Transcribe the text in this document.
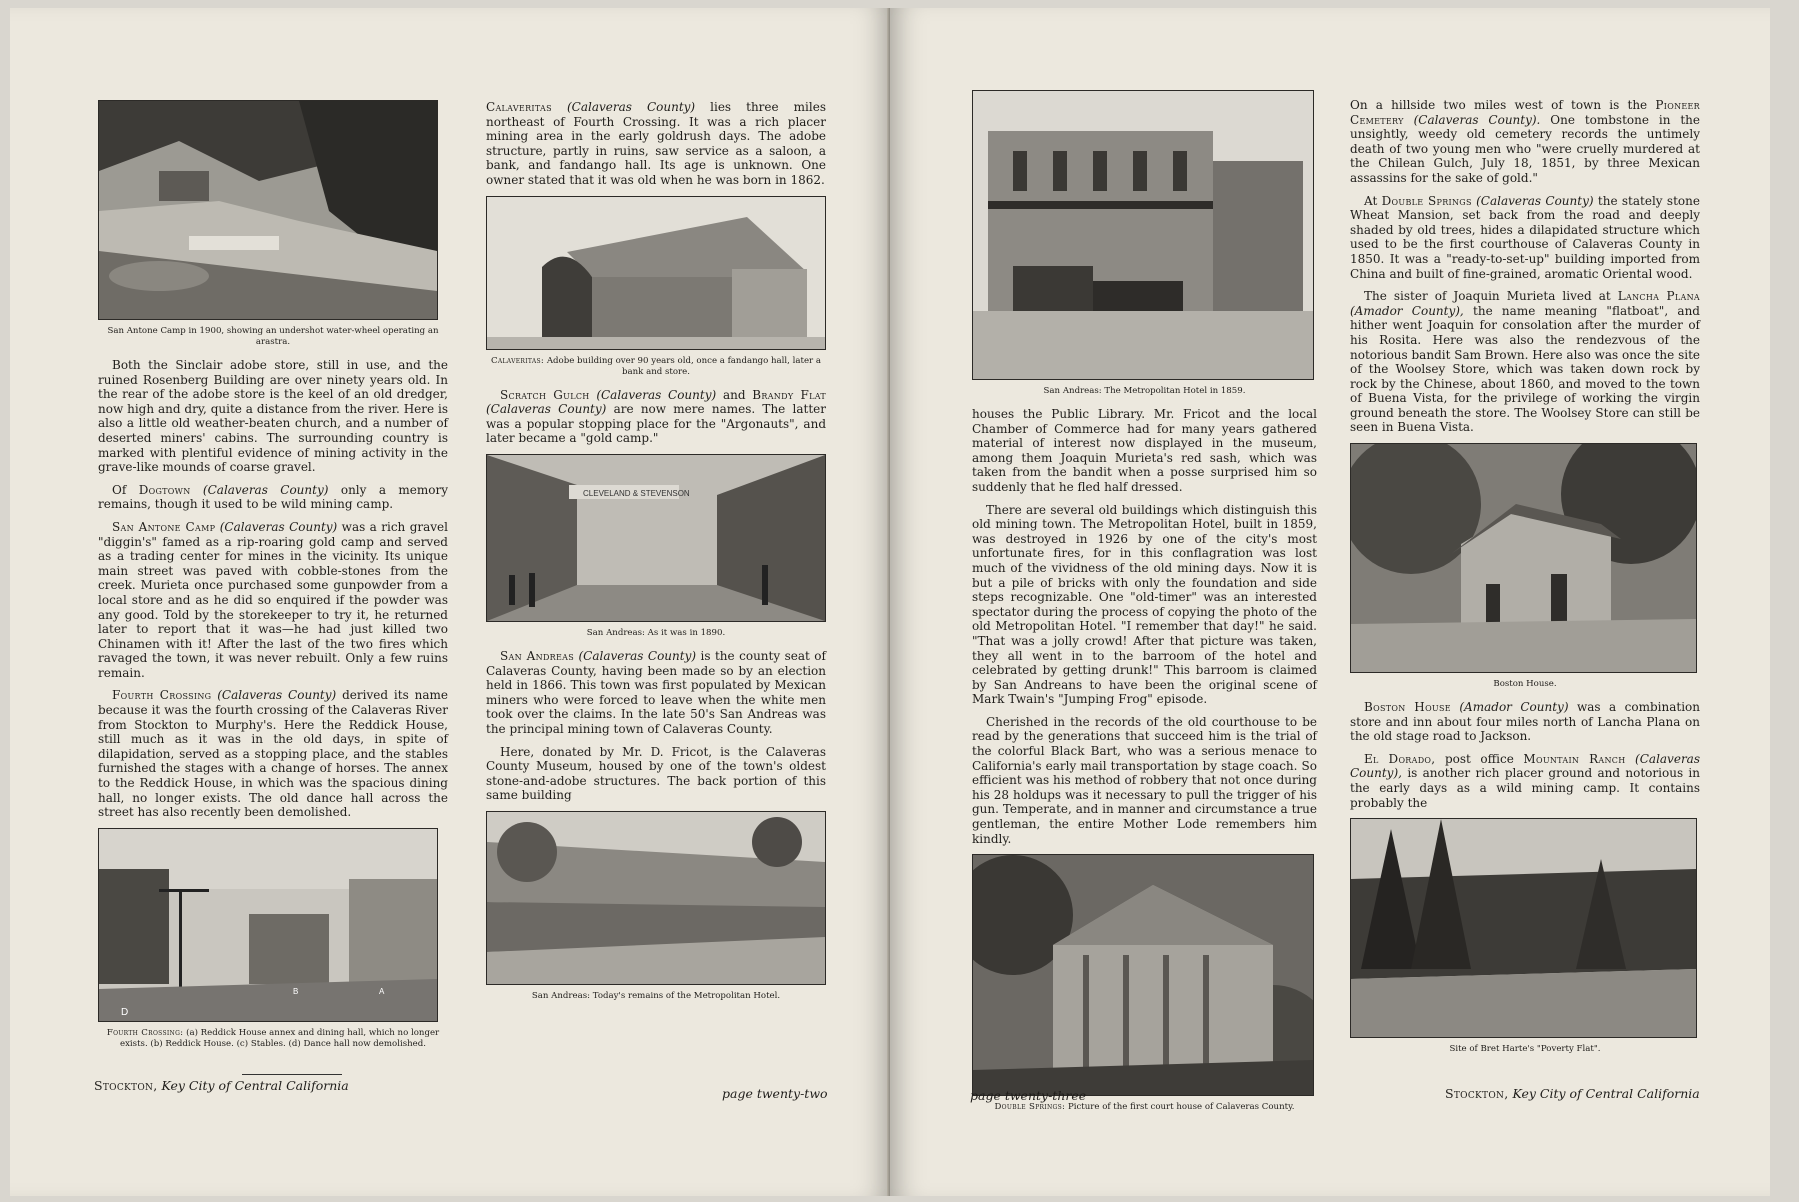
San Antone Camp in 1900, showing an undershot water-wheel operating an arastra.

Both the Sinclair adobe store, still in use, and the ruined Rosenberg Building are over ninety years old. In the rear of the adobe store is the keel of an old dredger, now high and dry, quite a distance from the river. Here is also a little old weather-beaten church, and a number of deserted miners' cabins. The surrounding country is marked with plentiful evidence of mining activity in the grave-like mounds of coarse gravel.

Of Dogtown (Calaveras County) only a memory remains, though it used to be wild mining camp.

San Antone Camp (Calaveras County) was a rich gravel "diggin's" famed as a rip-roaring gold camp and served as a trading center for mines in the vicinity. Its unique main street was paved with cobble-stones from the creek. Murieta once purchased some gunpowder from a local store and as he did so enquired if the powder was any good. Told by the storekeeper to try it, he returned later to report that it was—he had just killed two Chinamen with it! After the last of the two fires which ravaged the town, it was never rebuilt. Only a few ruins remain.

Fourth Crossing (Calaveras County) derived its name because it was the fourth crossing of the Calaveras River from Stockton to Murphy's. Here the Reddick House, still much as it was in the old days, in spite of dilapidation, served as a stopping place, and the stables furnished the stages with a change of horses. The annex to the Reddick House, in which was the spacious dining hall, no longer exists. The old dance hall across the street has also recently been demolished.

D
B	A
Fourth Crossing: (a) Reddick House annex and dining hall, which no longer exists. (b) Reddick House. (c) Stables. (d) Dance hall now demolished.

Calaveritas (Calaveras County) lies three miles northeast of Fourth Crossing. It was a rich placer mining area in the early goldrush days. The adobe structure, partly in ruins, saw service as a saloon, a bank, and fandango hall. Its age is unknown. One owner stated that it was old when he was born in 1862.

Calaveritas: Adobe building over 90 years old, once a fandango hall, later a bank and store.

Scratch Gulch (Calaveras County) and Brandy Flat (Calaveras County) are now mere names. The latter was a popular stopping place for the "Argonauts", and later became a "gold camp."

CLEVELAND & STEVENSON
San Andreas: As it was in 1890.

San Andreas (Calaveras County) is the county seat of Calaveras County, having been made so by an election held in 1866. This town was first populated by Mexican miners who were forced to leave when the white men took over the claims. In the late 50's San Andreas was the principal mining town of Calaveras County.

Here, donated by Mr. D. Fricot, is the Calaveras County Museum, housed by one of the town's oldest stone-and-adobe structures. The back portion of this same building

San Andreas: Today's remains of the Metropolitan Hotel.
Stockton, Key City of Central California
page twenty-two
San Andreas: The Metropolitan Hotel in 1859.

houses the Public Library. Mr. Fricot and the local Chamber of Commerce had for many years gathered material of interest now displayed in the museum, among them Joaquin Murieta's red sash, which was taken from the bandit when a posse surprised him so suddenly that he fled half dressed.

There are several old buildings which distinguish this old mining town. The Metropolitan Hotel, built in 1859, was destroyed in 1926 by one of the city's most unfortunate fires, for in this conflagration was lost much of the vividness of the old mining days. Now it is but a pile of bricks with only the foundation and side steps recognizable. One "old-timer" was an interested spectator during the process of copying the photo of the old Metropolitan Hotel. "I remember that day!" he said. "That was a jolly crowd! After that picture was taken, they all went in to the barroom of the hotel and celebrated by getting drunk!" This barroom is claimed by San Andreans to have been the original scene of Mark Twain's "Jumping Frog" episode.

Cherished in the records of the old courthouse to be read by the generations that succeed him is the trial of the colorful Black Bart, who was a serious menace to California's early mail transportation by stage coach. So efficient was his method of robbery that not once during his 28 holdups was it necessary to pull the trigger of his gun. Temperate, and in manner and circumstance a true gentleman, the entire Mother Lode remembers him kindly.

Double Springs: Picture of the first court house of Calaveras County.

On a hillside two miles west of town is the Pioneer Cemetery (Calaveras County). One tombstone in the unsightly, weedy old cemetery records the untimely death of two young men who "were cruelly murdered at the Chilean Gulch, July 18, 1851, by three Mexican assassins for the sake of gold."

At Double Springs (Calaveras County) the stately stone Wheat Mansion, set back from the road and deeply shaded by old trees, hides a dilapidated structure which used to be the first courthouse of Calaveras County in 1850. It was a "ready-to-set-up" building imported from China and built of fine-grained, aromatic Oriental wood.

The sister of Joaquin Murieta lived at Lancha Plana (Amador County), the name meaning "flatboat", and hither went Joaquin for consolation after the murder of his Rosita. Here was also the rendezvous of the notorious bandit Sam Brown. Here also was once the site of the Woolsey Store, which was taken down rock by rock by the Chinese, about 1860, and moved to the town of Buena Vista, for the privilege of working the virgin ground beneath the store. The Woolsey Store can still be seen in Buena Vista.

Boston House.

Boston House (Amador County) was a combination store and inn about four miles north of Lancha Plana on the old stage road to Jackson.

El Dorado, post office Mountain Ranch (Calaveras County), is another rich placer ground and notorious in the early days as a wild mining camp. It contains probably the

Site of Bret Harte's "Poverty Flat".
page twenty-three	Stockton, Key City of Central California
